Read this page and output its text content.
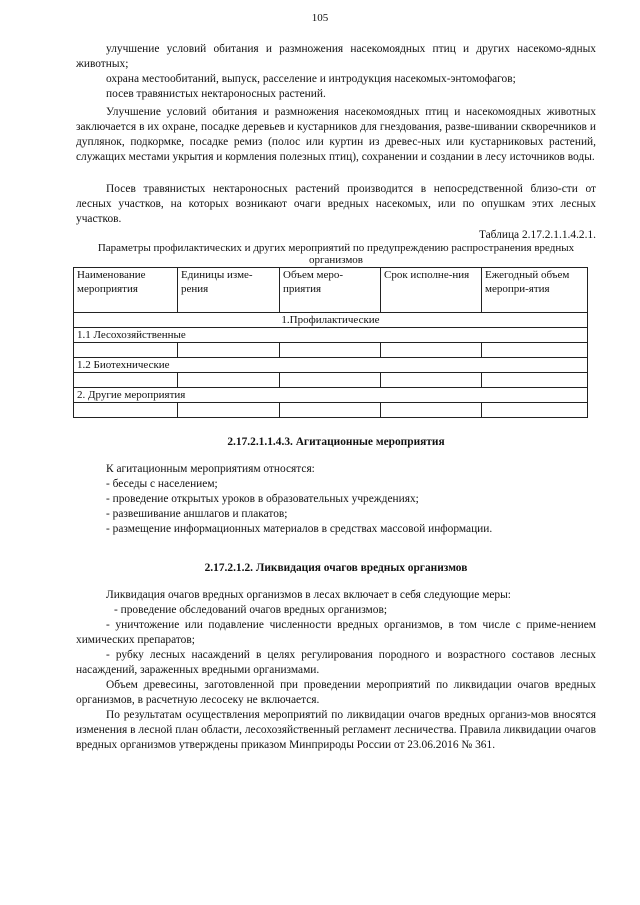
105

улучшение условий обитания и размножения насекомоядных птиц и других насекомо-ядных животных;

охрана местообитаний, выпуск, расселение и интродукция насекомых-энтомофагов;

посев травянистых нектароносных растений.

Улучшение условий обитания и размножения насекомоядных птиц и насекомоядных животных заключается в их охране, посадке деревьев и кустарников для гнездования, разве-шивании скворечников и дуплянок, подкормке, посадке ремиз (полос или куртин из древес-ных или кустарниковых растений, служащих местами укрытия и кормления полезных птиц), сохранении и создании в лесу источников воды.

Посев травянистых нектароносных растений производится в непосредственной близо-сти от лесных участков, на которых возникают очаги вредных насекомых, или по опушкам этих лесных участков.

Таблица 2.17.2.1.1.4.2.1.
Параметры профилактических и других мероприятий по предупреждению распространения вредных организмов
Наименование мероприятия	Единицы изме-рения	Объем меро-приятия	Срок исполне-ния	Ежегодный объем меропри-ятия
1.Профилактические				
1.1 Лесохозяйственные				

1.2 Биотехнические				

2. Другие мероприятия				

2.17.2.1.1.4.3. Агитационные мероприятия

К агитационным мероприятиям относятся:

- беседы с населением;

- проведение открытых уроков в образовательных учреждениях;

- развешивание аншлагов и плакатов;

- размещение информационных материалов в средствах массовой информации.

2.17.2.1.2. Ликвидация очагов вредных организмов

Ликвидация очагов вредных организмов в лесах включает в себя следующие меры:

- проведение обследований очагов вредных организмов;

- уничтожение или подавление численности вредных организмов, в том числе с приме-нением химических препаратов;

- рубку лесных насаждений в целях регулирования породного и возрастного составов лесных насаждений, зараженных вредными организмами.

Объем древесины, заготовленной при проведении мероприятий по ликвидации очагов вредных организмов, в расчетную лесосеку не включается.

По результатам осуществления мероприятий по ликвидации очагов вредных организ-мов вносятся изменения в лесной план области, лесохозяйственный регламент лесничества. Правила ликвидации очагов вредных организмов утверждены приказом Минприроды России от 23.06.2016 № 361.
